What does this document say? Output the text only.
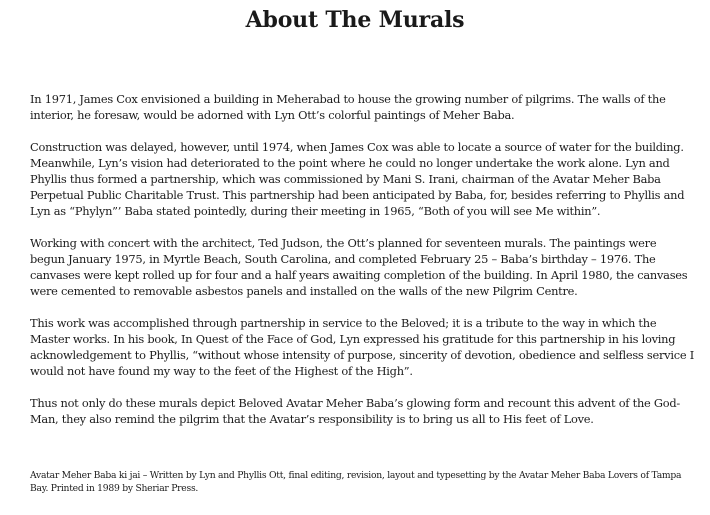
About The Murals

In 1971, James Cox envisioned a building in Meherabad to house the growing number of pilgrims. The walls of the interior, he foresaw, would be adorned with Lyn Ott’s colorful paintings of Meher Baba.

Construction was delayed, however, until 1974, when James Cox was able to locate a source of water for the building. Meanwhile, Lyn’s vision had deteriorated to the point where he could no longer undertake the work alone. Lyn and Phyllis thus formed a partnership, which was commissioned by Mani S. Irani, chairman of the Avatar Meher Baba Perpetual Public Charitable Trust. This partnership had been anticipated by Baba, for, besides referring to Phyllis and Lyn as “Phylyn”’ Baba stated pointedly, during their meeting in 1965, “Both of you will see Me within”.

Working with concert with the architect, Ted Judson, the Ott’s planned for seventeen murals. The paintings were begun January 1975, in Myrtle Beach, South Carolina, and completed February 25 – Baba’s birthday – 1976. The canvases were kept rolled up for four and a half years awaiting completion of the building. In April 1980, the canvases were cemented to removable asbestos panels and installed on the walls of the new Pilgrim Centre.

This work was accomplished through partnership in service to the Beloved; it is a tribute to the way in which the Master works. In his book, In Quest of the Face of God, Lyn expressed his gratitude for this partnership in his loving acknowledgement to Phyllis, “without whose intensity of purpose, sincerity of devotion, obedience and selfless service I would not have found my way to the feet of the Highest of the High”.

Thus not only do these murals depict Beloved Avatar Meher Baba’s glowing form and recount this advent of the God-Man, they also remind the pilgrim that the Avatar’s responsibility is to bring us all to His feet of Love.

Avatar Meher Baba ki jai – Written by Lyn and Phyllis Ott, final editing, revision, layout and typesetting by the Avatar Meher Baba Lovers of Tampa Bay. Printed in 1989 by Sheriar Press.
